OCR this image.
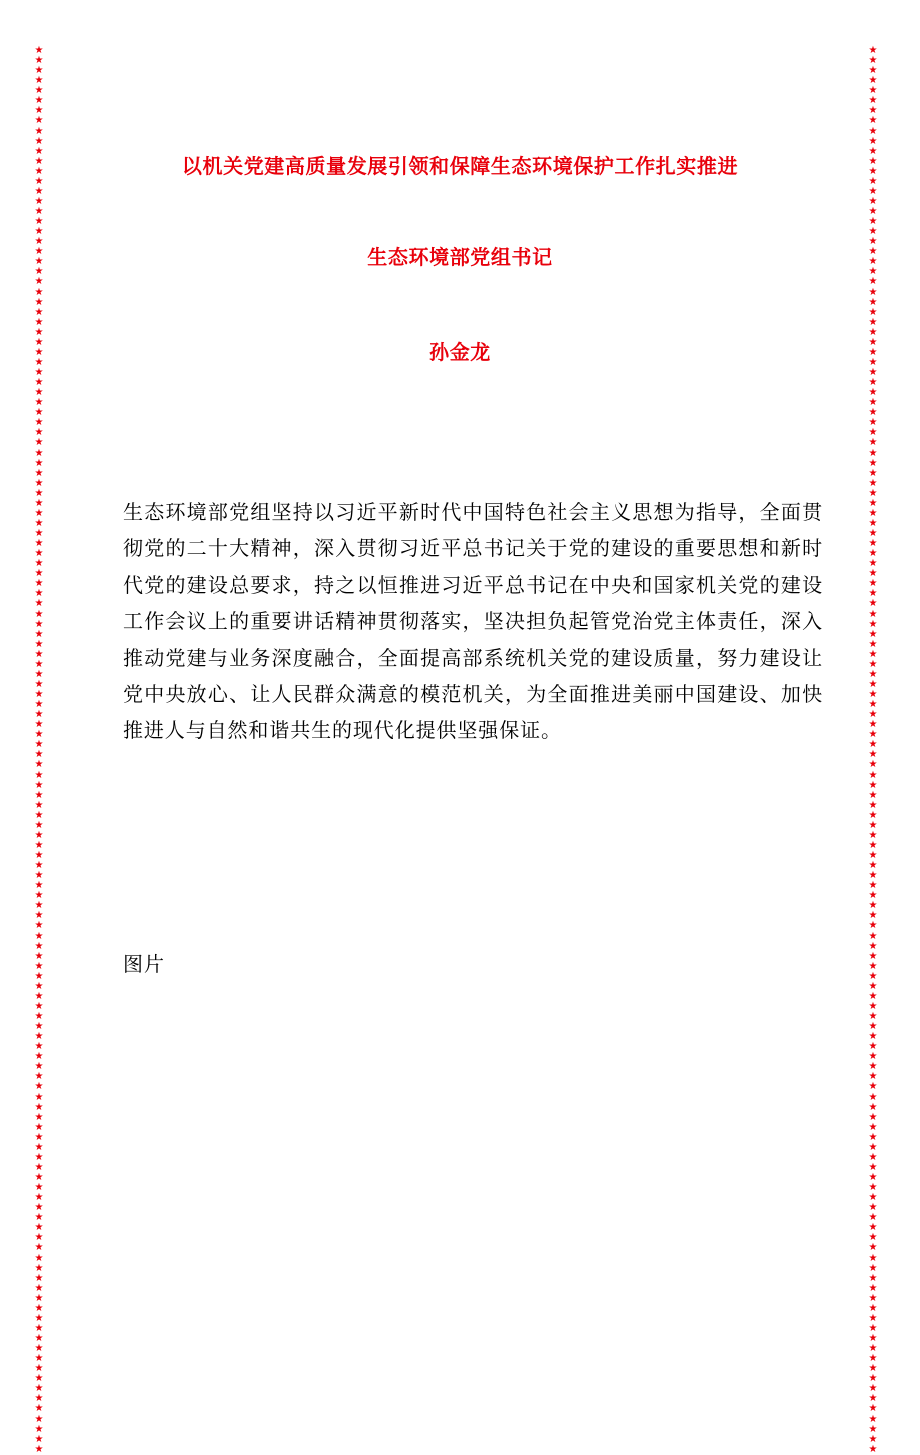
★★★★★★★★★★★★★★★★★★★★★★★★★★★★★★★★★★★★★★★★★★★★★★★★★★★★★★★★★★★★★★★★★★★★★★★★★★★★★★★★★★★★★★★★★★★★★★★★★★★★★★★★★★★★★★★★★★★★★★★★★★★★★★★★★★★★★★★★★★★★
★★★★★★★★★★★★★★★★★★★★★★★★★★★★★★★★★★★★★★★★★★★★★★★★★★★★★★★★★★★★★★★★★★★★★★★★★★★★★★★★★★★★★★★★★★★★★★★★★★★★★★★★★★★★★★★★★★★★★★★★★★★★★★★★★★★★★★★★★★★★
以机关党建高质量发展引领和保障生态环境保护工作扎实推进
生态环境部党组书记
孙金龙
生态环境部党组坚持以习近平新时代中国特色社会主义思想为指导，全面贯彻党的二十大精神，深入贯彻习近平总书记关于党的建设的重要思想和新时代党的建设总要求，持之以恒推进习近平总书记在中央和国家机关党的建设工作会议上的重要讲话精神贯彻落实，坚决担负起管党治党主体责任，深入推动党建与业务深度融合，全面提高部系统机关党的建设质量，努力建设让党中央放心、让人民群众满意的模范机关，为全面推进美丽中国建设、加快推进人与自然和谐共生的现代化提供坚强保证。
图片
